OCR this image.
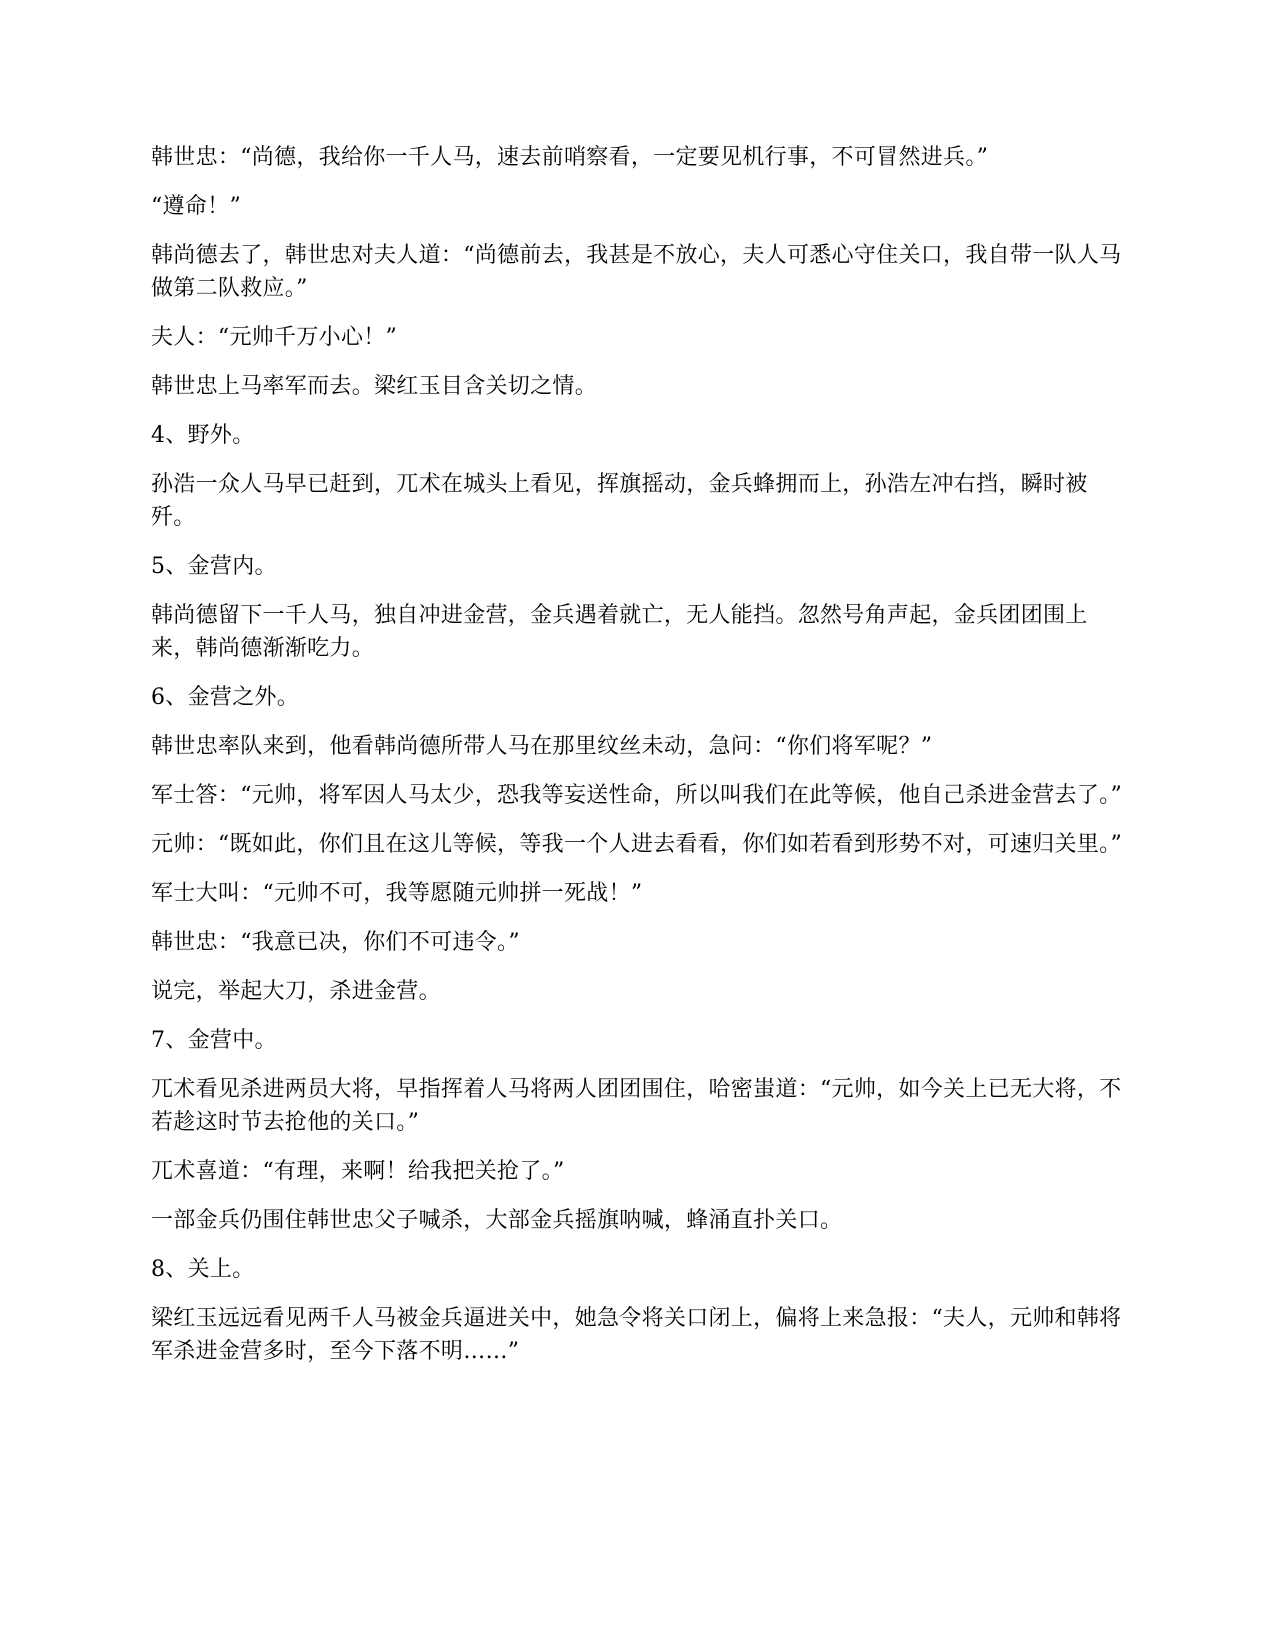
韩世忠：“尚德，我给你一千人马，速去前哨察看，一定要见机行事，不可冒然进兵。”

“遵命！”

韩尚德去了，韩世忠对夫人道：“尚德前去，我甚是不放心，夫人可悉心守住关口，我自带一队人马做第二队救应。”

夫人：“元帅千万小心！”

韩世忠上马率军而去。梁红玉目含关切之情。

4、野外。

孙浩一众人马早已赶到，兀术在城头上看见，挥旗摇动，金兵蜂拥而上，孙浩左冲右挡，瞬时被歼。

5、金营内。

韩尚德留下一千人马，独自冲进金营，金兵遇着就亡，无人能挡。忽然号角声起，金兵团团围上来，韩尚德渐渐吃力。

6、金营之外。

韩世忠率队来到，他看韩尚德所带人马在那里纹丝未动，急问：“你们将军呢？”

军士答：“元帅，将军因人马太少，恐我等妄送性命，所以叫我们在此等候，他自己杀进金营去了。”

元帅：“既如此，你们且在这儿等候，等我一个人进去看看，你们如若看到形势不对，可速归关里。”

军士大叫：“元帅不可，我等愿随元帅拼一死战！”

韩世忠：“我意已决，你们不可违令。”

说完，举起大刀，杀进金营。

7、金营中。

兀术看见杀进两员大将，早指挥着人马将两人团团围住，哈密蚩道：“元帅，如今关上已无大将，不若趁这时节去抢他的关口。”

兀术喜道：“有理，来啊！给我把关抢了。”

一部金兵仍围住韩世忠父子喊杀，大部金兵摇旗呐喊，蜂涌直扑关口。

8、关上。

梁红玉远远看见两千人马被金兵逼进关中，她急令将关口闭上，偏将上来急报：“夫人，元帅和韩将军杀进金营多时，至今下落不明……”
